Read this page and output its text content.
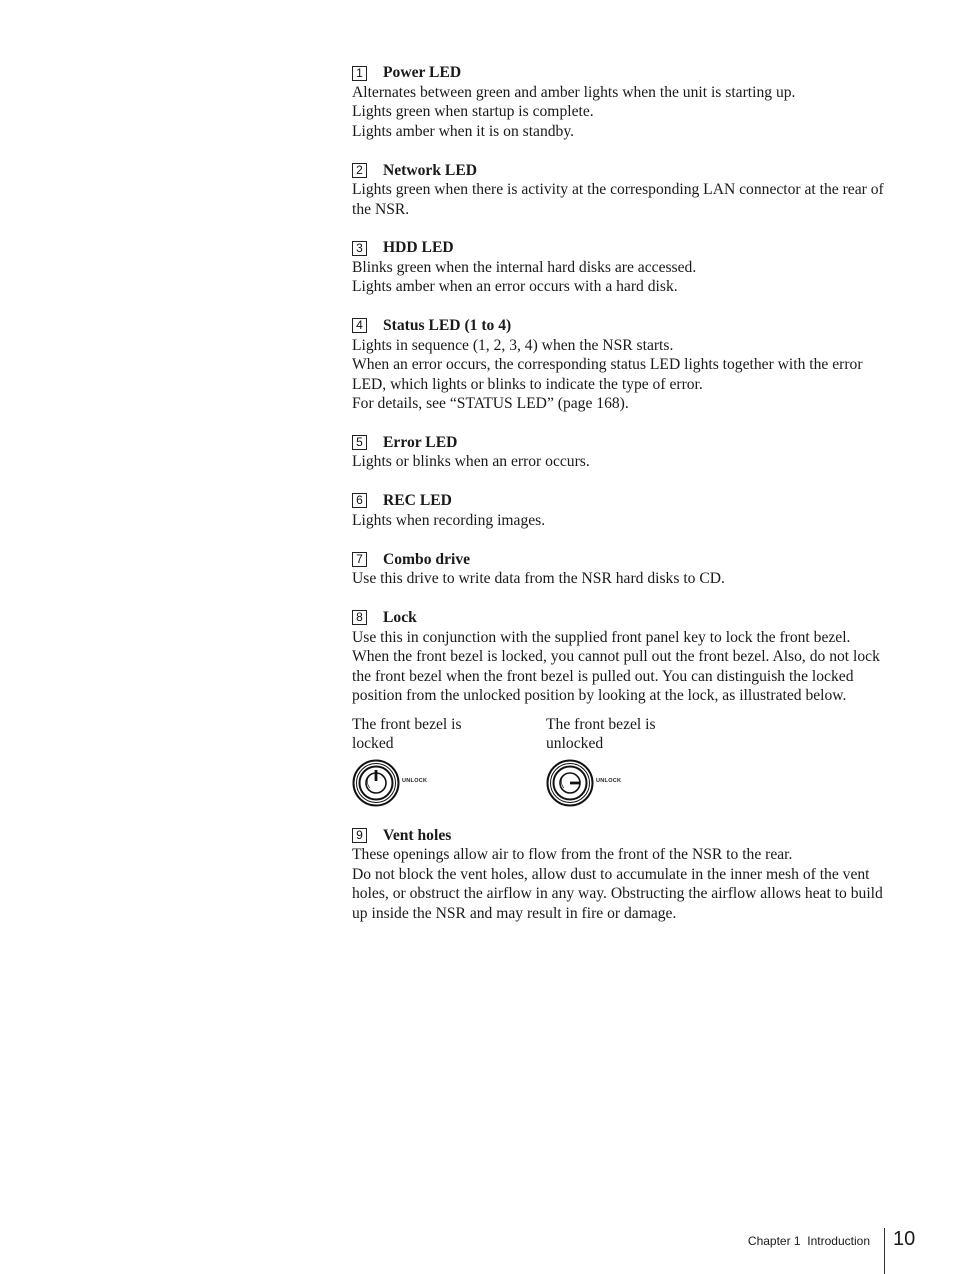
1 Power LED

Alternates between green and amber lights when the unit is starting up.

Lights green when startup is complete.

Lights amber when it is on standby.

2 Network LED

Lights green when there is activity at the corresponding LAN connector at the rear of the NSR.

3 HDD LED

Blinks green when the internal hard disks are accessed.

Lights amber when an error occurs with a hard disk.

4 Status LED (1 to 4)

Lights in sequence (1, 2, 3, 4) when the NSR starts.

When an error occurs, the corresponding status LED lights together with the error LED, which lights or blinks to indicate the type of error.

For details, see “STATUS LED” (page 168).

5 Error LED

Lights or blinks when an error occurs.

6 REC LED

Lights when recording images.

7 Combo drive

Use this drive to write data from the NSR hard disks to CD.

8 Lock

Use this in conjunction with the supplied front panel key to lock the front bezel. When the front bezel is locked, you cannot pull out the front bezel. Also, do not lock the front bezel when the front bezel is pulled out. You can distinguish the locked position from the unlocked position by looking at the lock, as illustrated below.

The front bezel is
locked
UNLOCK
The front bezel is
unlocked
UNLOCK
9 Vent holes

These openings allow air to flow from the front of the NSR to the rear.

Do not block the vent holes, allow dust to accumulate in the inner mesh of the vent holes, or obstruct the airflow in any way. Obstructing the airflow allows heat to build up inside the NSR and may result in fire or damage.

Chapter 1 Introduction 10
